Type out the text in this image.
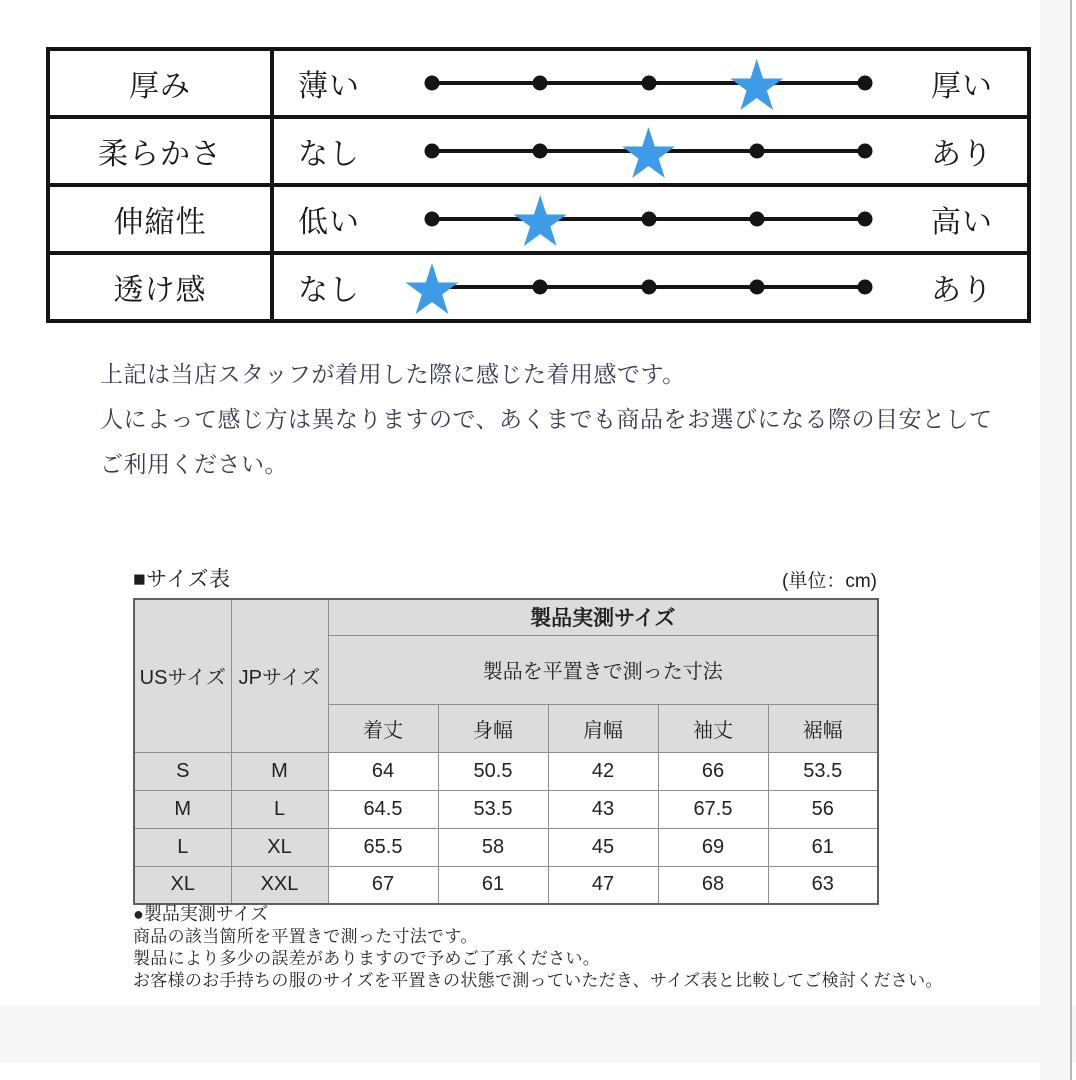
厚み	薄い	厚い
柔らかさ	なし	あり
伸縮性	低い	高い
透け感	なし	あり
上記は当店スタッフが着用した際に感じた着用感です。
人によって感じ方は異なりますので、あくまでも商品をお選びになる際の目安として
ご利用ください。
■サイズ表	(単位：cm)
USサイズ	JPサイズ	製品実測サイズ				
		製品を平置きで測った寸法				
		着丈	身幅	肩幅	袖丈	裾幅
S	M	64	50.5	42	66	53.5
M	L	64.5	53.5	43	67.5	56
L	XL	65.5	58	45	69	61
XL	XXL	67	61	47	68	63
●製品実測サイズ
商品の該当箇所を平置きで測った寸法です。
製品により多少の誤差がありますので予めご了承ください。
お客様のお手持ちの服のサイズを平置きの状態で測っていただき、サイズ表と比較してご検討ください。
